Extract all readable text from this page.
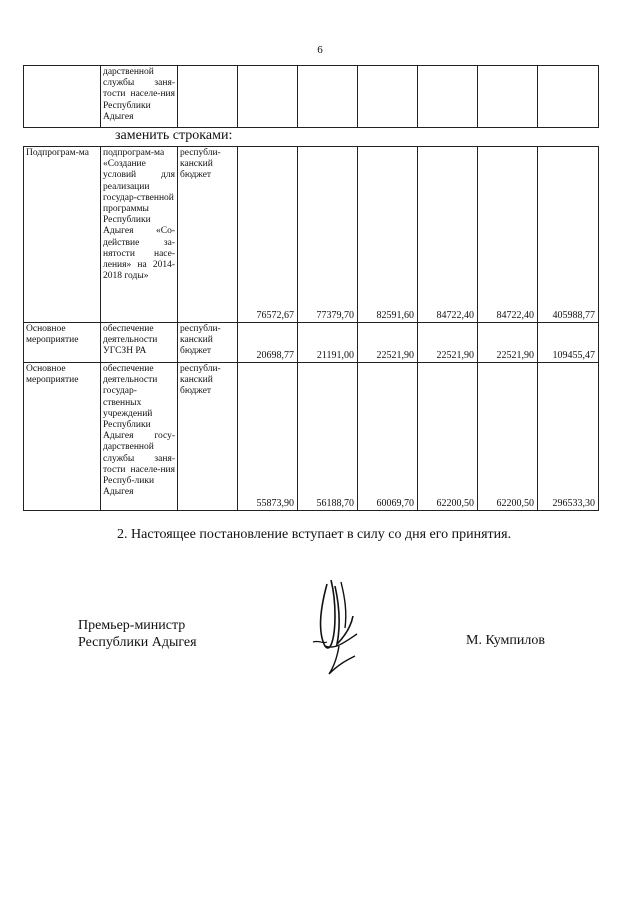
6
	дарственной службы заня-тости населе-ния Республики Адыгея							
заменить строками:
Подпрограм-ма	подпрограм-ма «Создание условий для реализации государ-ственной программы Республики Адыгея «Со-действие за-нятости насе-ления» на 2014-2018 годы»	республи-канский бюджет	76572,67	77379,70	82591,60	84722,40	84722,40	405988,77
Основное мероприятие	обеспечение деятельности УГСЗН РА	республи-канский бюджет	20698,77	21191,00	22521,90	22521,90	22521,90	109455,47
Основное мероприятие	обеспечение деятельности государ-ственных учреждений Республики Адыгея госу-дарственной службы заня-тости населе-ния Респуб-лики Адыгея	республи-канский бюджет	55873,90	56188,70	60069,70	62200,50	62200,50	296533,30
2. Настоящее постановление вступает в силу со дня его принятия.
Премьер-министр
Республики Адыгея	М. Кумпилов
